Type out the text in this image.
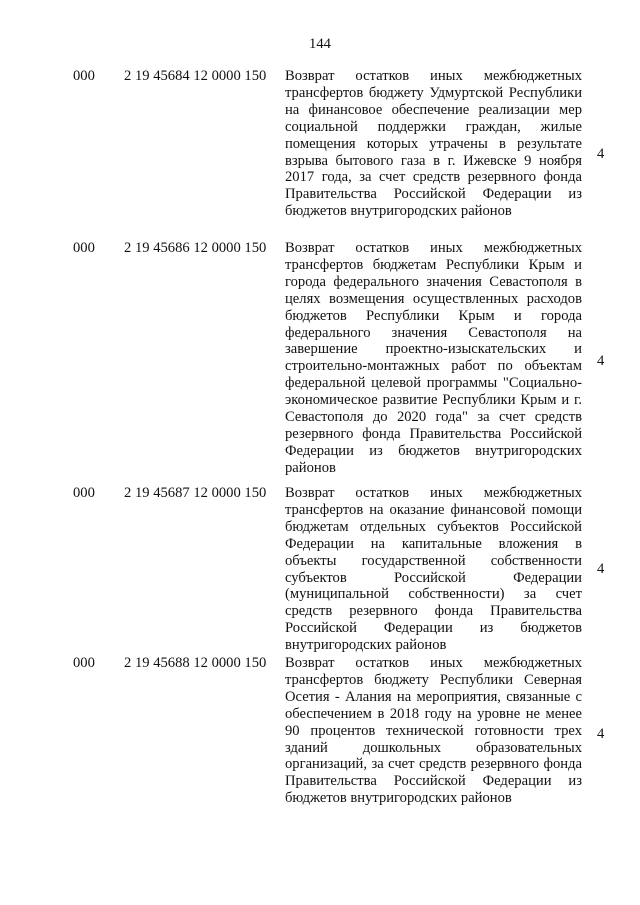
144
000 2 19 45684 12 0000 150 Возврат остатков иных межбюджетных трансфертов бюджету Удмуртской Республики на финансовое обеспечение реализации мер социальной поддержки граждан, жилые помещения которых утрачены в результате взрыва бытового газа в г. Ижевске 9 ноября 2017 года, за счет средств резервного фонда Правительства Российской Федерации из бюджетов внутригородских районов
4
000 2 19 45686 12 0000 150 Возврат остатков иных межбюджетных трансфертов бюджетам Республики Крым и города федерального значения Севастополя в целях возмещения осуществленных расходов бюджетов Республики Крым и города федерального значения Севастополя на завершение проектно-изыскательских и строительно-монтажных работ по объектам федеральной целевой программы "Социально-экономическое развитие Республики Крым и г. Севастополя до 2020 года" за счет средств резервного фонда Правительства Российской Федерации из бюджетов внутригородских районов
4
000 2 19 45687 12 0000 150 Возврат остатков иных межбюджетных трансфертов на оказание финансовой помощи бюджетам отдельных субъектов Российской Федерации на капитальные вложения в объекты государственной собственности субъектов Российской Федерации (муниципальной собственности) за счет средств резервного фонда Правительства Российской Федерации из бюджетов внутригородских районов
4
000 2 19 45688 12 0000 150 Возврат остатков иных межбюджетных трансфертов бюджету Республики Северная Осетия - Алания на мероприятия, связанные с обеспечением в 2018 году на уровне не менее 90 процентов технической готовности трех зданий дошкольных образовательных организаций, за счет средств резервного фонда Правительства Российской Федерации из бюджетов внутригородских районов
4
